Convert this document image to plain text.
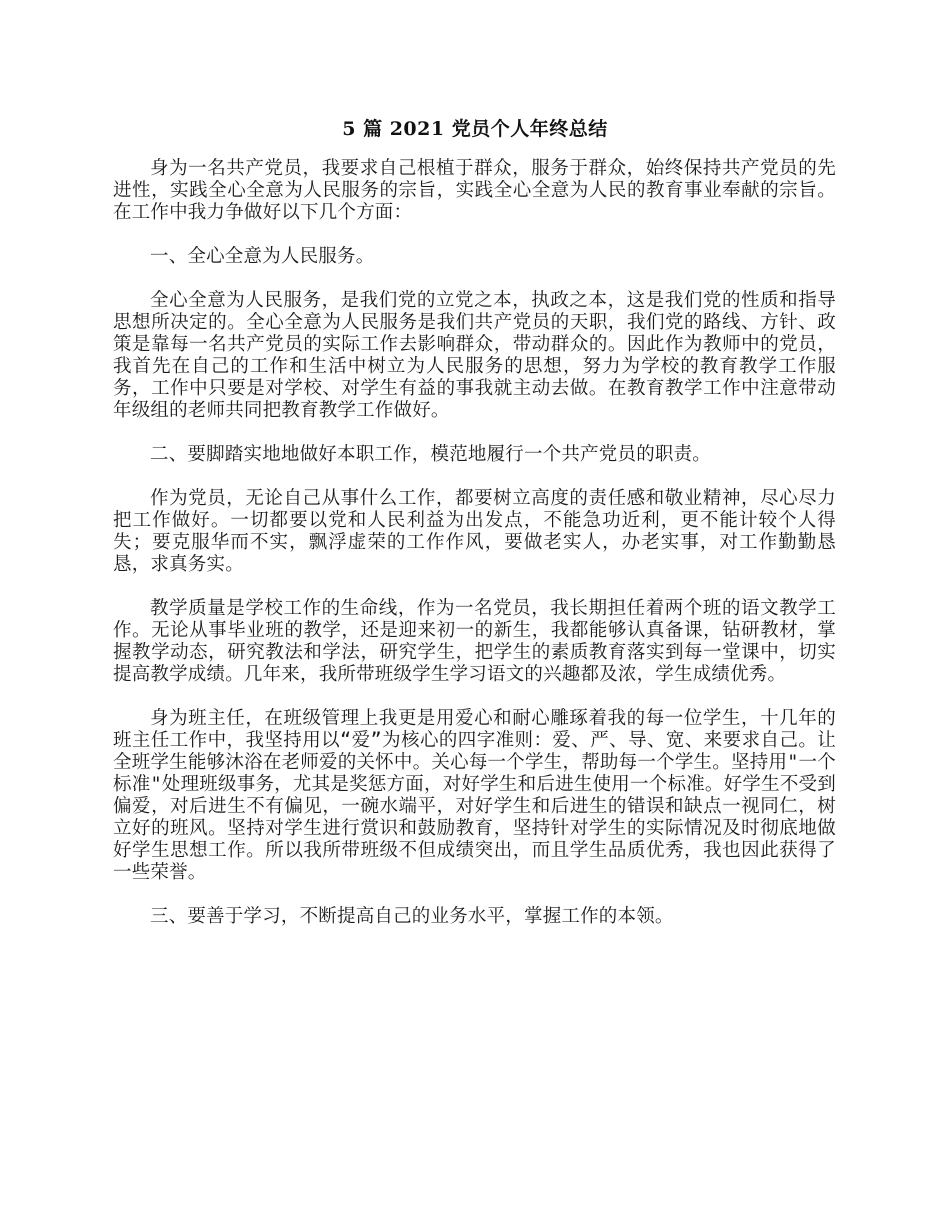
5 篇 2021 党员个人年终总结

身为一名共产党员，我要求自己根植于群众，服务于群众，始终保持共产党员的先进性，实践全心全意为人民服务的宗旨，实践全心全意为人民的教育事业奉献的宗旨。在工作中我力争做好以下几个方面：

一、全心全意为人民服务。

全心全意为人民服务，是我们党的立党之本，执政之本，这是我们党的性质和指导思想所决定的。全心全意为人民服务是我们共产党员的天职，我们党的路线、方针、政策是靠每一名共产党员的实际工作去影响群众，带动群众的。因此作为教师中的党员，我首先在自己的工作和生活中树立为人民服务的思想，努力为学校的教育教学工作服务，工作中只要是对学校、对学生有益的事我就主动去做。在教育教学工作中注意带动年级组的老师共同把教育教学工作做好。

二、要脚踏实地地做好本职工作，模范地履行一个共产党员的职责。

作为党员，无论自己从事什么工作，都要树立高度的责任感和敬业精神，尽心尽力把工作做好。一切都要以党和人民利益为出发点，不能急功近利，更不能计较个人得失；要克服华而不实，飘浮虚荣的工作作风，要做老实人，办老实事，对工作勤勤恳恳，求真务实。

教学质量是学校工作的生命线，作为一名党员，我长期担任着两个班的语文教学工作。无论从事毕业班的教学，还是迎来初一的新生，我都能够认真备课，钻研教材，掌握教学动态，研究教法和学法，研究学生，把学生的素质教育落实到每一堂课中，切实提高教学成绩。几年来，我所带班级学生学习语文的兴趣都及浓，学生成绩优秀。

身为班主任，在班级管理上我更是用爱心和耐心雕琢着我的每一位学生，十几年的班主任工作中，我坚持用以“爱”为核心的四字准则：爱、严、导、宽、来要求自己。让全班学生能够沐浴在老师爱的关怀中。关心每一个学生，帮助每一个学生。坚持用"一个标准"处理班级事务，尤其是奖惩方面，对好学生和后进生使用一个标准。好学生不受到偏爱，对后进生不有偏见，一碗水端平，对好学生和后进生的错误和缺点一视同仁，树立好的班风。坚持对学生进行赏识和鼓励教育，坚持针对学生的实际情况及时彻底地做好学生思想工作。所以我所带班级不但成绩突出，而且学生品质优秀，我也因此获得了一些荣誉。

三、要善于学习，不断提高自己的业务水平，掌握工作的本领。
